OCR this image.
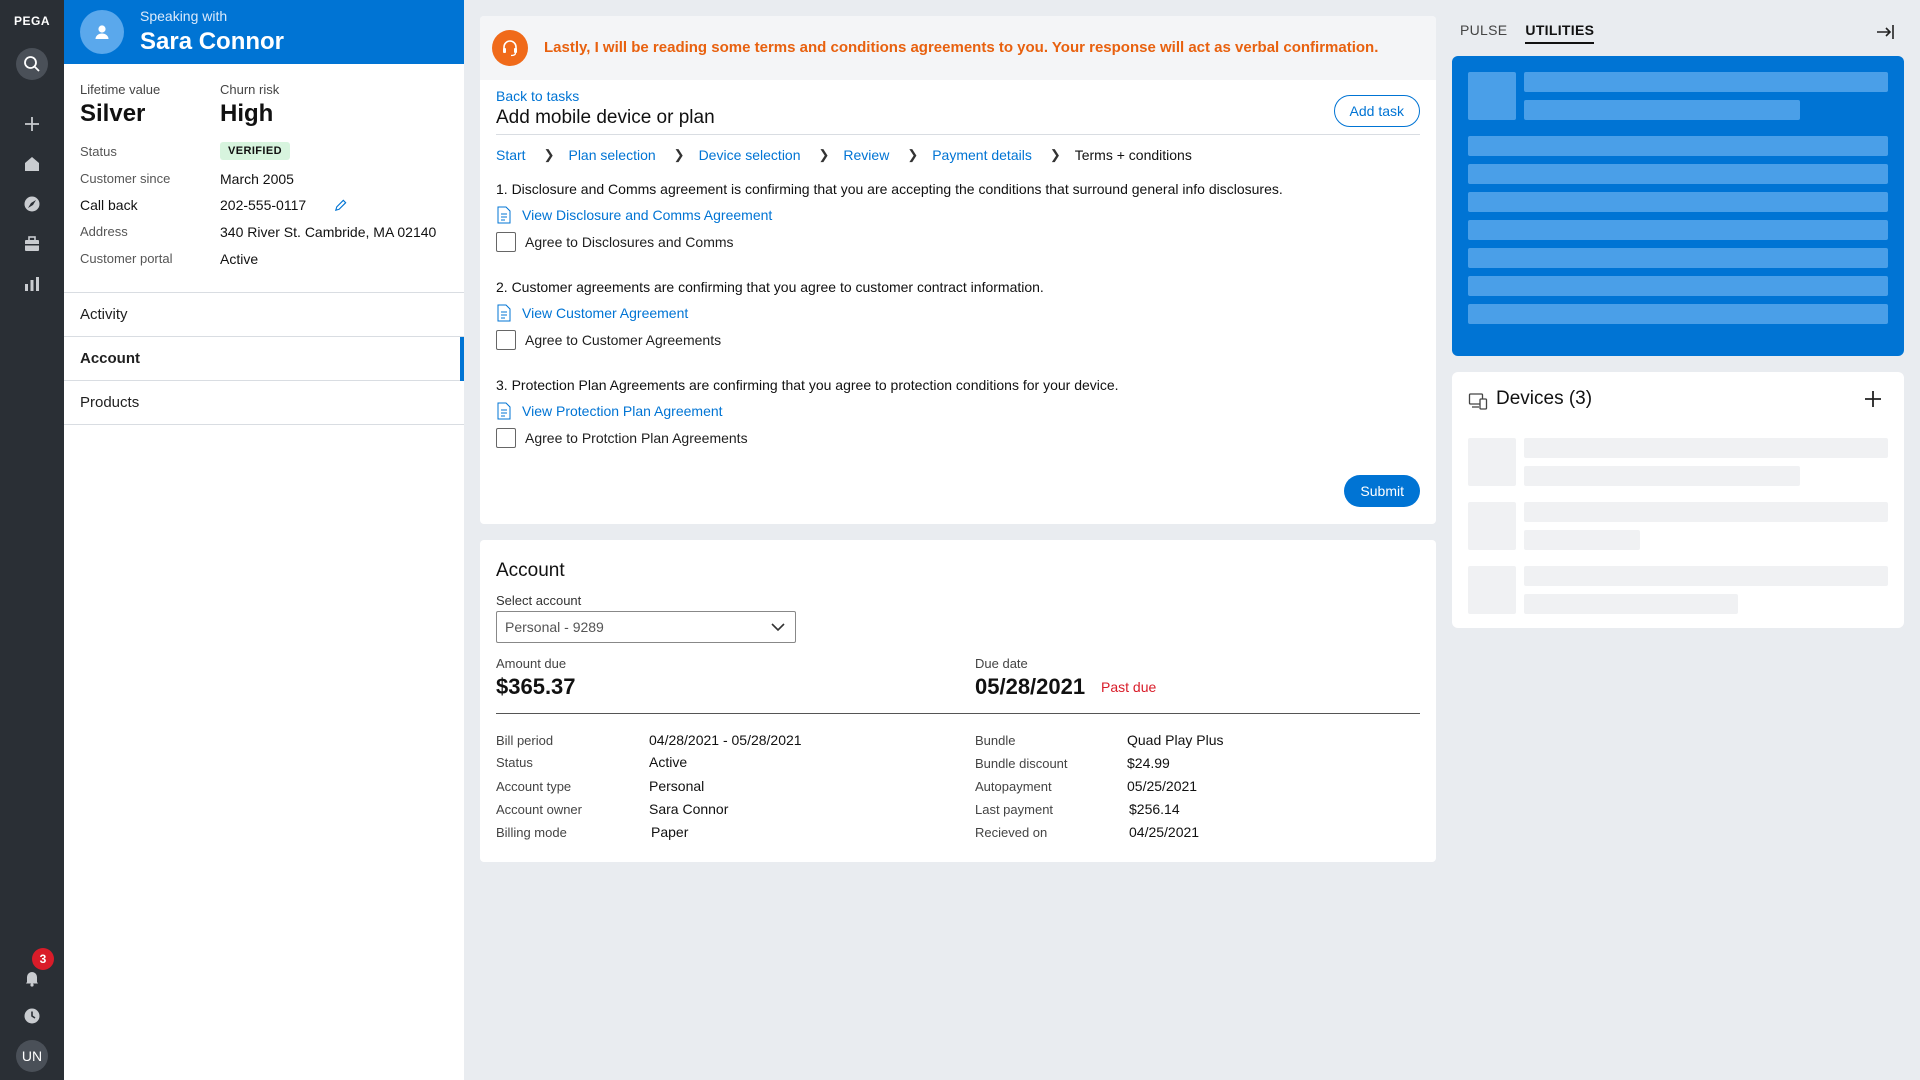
PEGA
3
UN
Speaking with
Sara Connor
Lifetime value
Silver
Churn risk
High
Status	VERIFIED
Customer since	March 2005
Call back	202-555-0117
Address	340 River St. Cambride, MA 02140
Customer portal	Active
Activity
Account
Products
Lastly, I will be reading some terms and conditions agreements to you. Your response will act as verbal confirmation.
Back to tasks
Add mobile device or plan	Add task
Start ❯ Plan selection ❯ Device selection ❯ Review ❯ Payment details ❯ Terms + conditions
1. Disclosure and Comms agreement is confirming that you are accepting the conditions that surround general info disclosures.
View Disclosure and Comms Agreement
Agree to Disclosures and Comms
2. Customer agreements are confirming that you agree to customer contract information.
View Customer Agreement
Agree to Customer Agreements
3. Protection Plan Agreements are confirming that you agree to protection conditions for your device.
View Protection Plan Agreement
Agree to Protction Plan Agreements
Submit
Account
Select account
Personal - 9289
Amount due
$365.37
Due date
05/28/2021 Past due
Bill period	04/28/2021 - 05/28/2021
Status	Active
Account type	Personal
Account owner	Sara Connor
Billing mode	Paper
Bundle	Quad Play Plus
Bundle discount	$24.99
Autopayment	05/25/2021
Last payment	$256.14
Recieved on	04/25/2021
PULSE UTILITIES
Devices (3)
